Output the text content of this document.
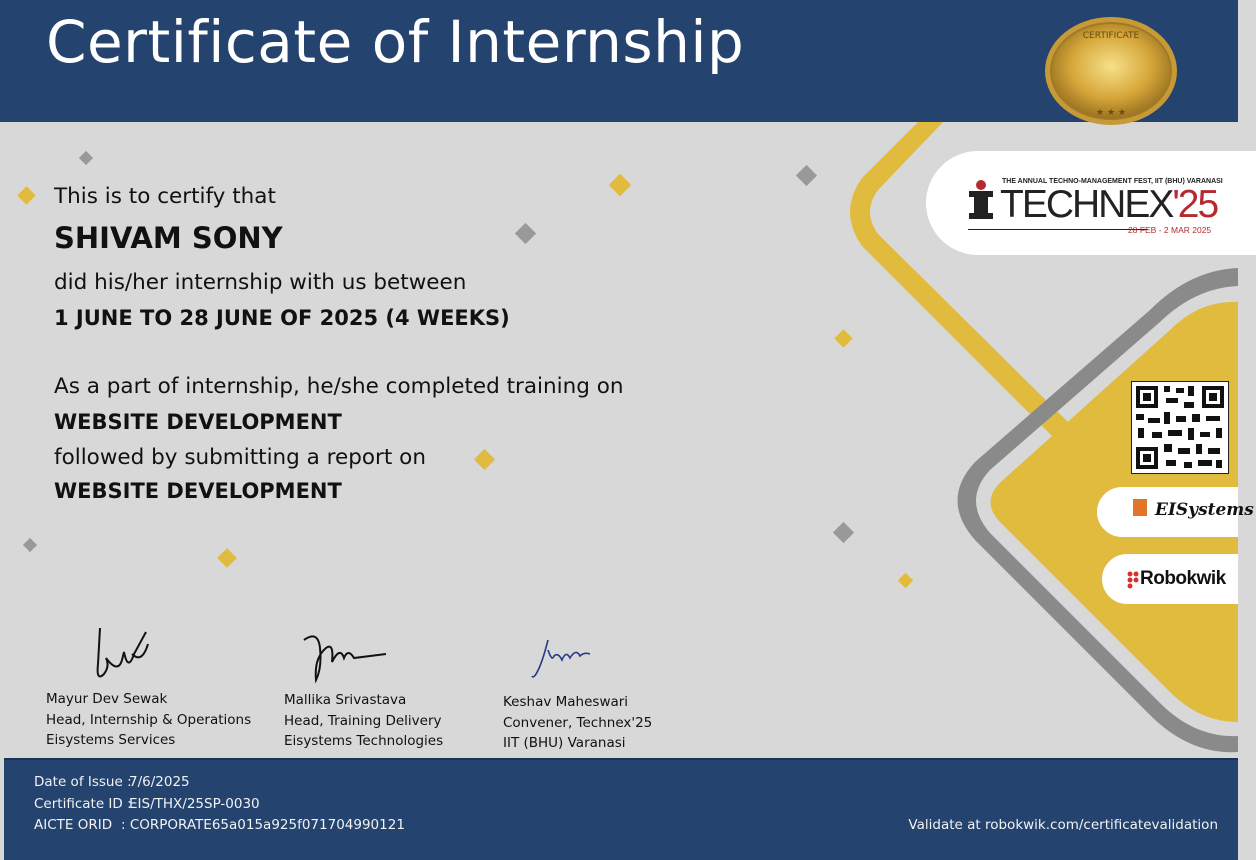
Certificate of Internship	CERTIFICATE
★ ★ ★
THE ANNUAL TECHNO-MANAGEMENT FEST, IIT (BHU) VARANASI
TECHNEX'25
28 FEB - 2 MAR 2025
EISystems
Robokwik
This is to certify that
SHIVAM SONY
did his/her internship with us between
1 JUNE TO 28 JUNE OF 2025 (4 WEEKS)
As a part of internship, he/she completed training on
WEBSITE DEVELOPMENT
followed by submitting a report on
WEBSITE DEVELOPMENT
Mayur Dev Sewak
Head, Internship & Operations
Eisystems Services
Mallika Srivastava
Head, Training Delivery
Eisystems Technologies
Keshav Maheswari
Convener, Technex'25
IIT (BHU) Varanasi
Date of Issue :
7/6/2025
Certificate ID :
EIS/THX/25SP-0030
AICTE ORID : CORPORATE65a015a925f071704990121	Validate at robokwik.com/certificatevalidation
